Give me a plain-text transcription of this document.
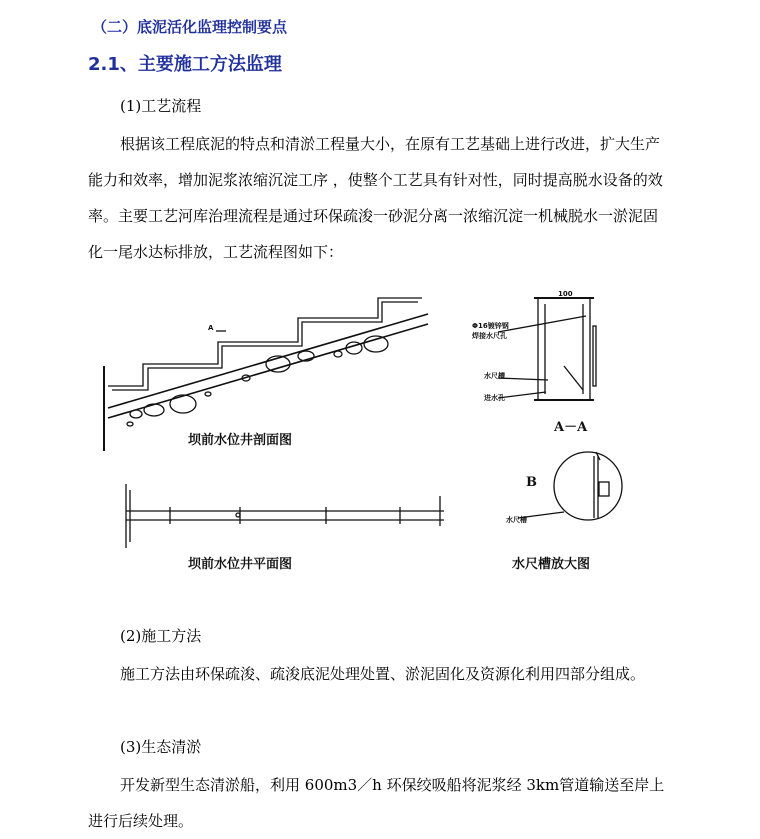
（二）底泥活化监理控制要点
2.1、主要施工方法监理
(1)工艺流程
根据该工程底泥的特点和清淤工程量大小，在原有工艺基础上进行改进，扩大生产能力和效率，增加泥浆浓缩沉淀工序 ，使整个工艺具有针对性，同时提高脱水设备的效率。主要工艺河库治理流程是通过环保疏浚一砂泥分离一浓缩沉淀一机械脱水一淤泥固化一尾水达标排放，工艺流程图如下：
A
坝前水位井剖面图
Φ16镀锌钢
焊接水尺孔
水尺槽
进水孔
100
A－A
坝前水位井平面图
B
水尺槽
水尺槽放大图
(2)施工方法
施工方法由环保疏浚、疏浚底泥处理处置、淤泥固化及资源化利用四部分组成。
(3)生态清淤
开发新型生态清淤船，利用 600m3／h 环保绞吸船将泥浆经 3km管道输送至岸上进行后续处理。
